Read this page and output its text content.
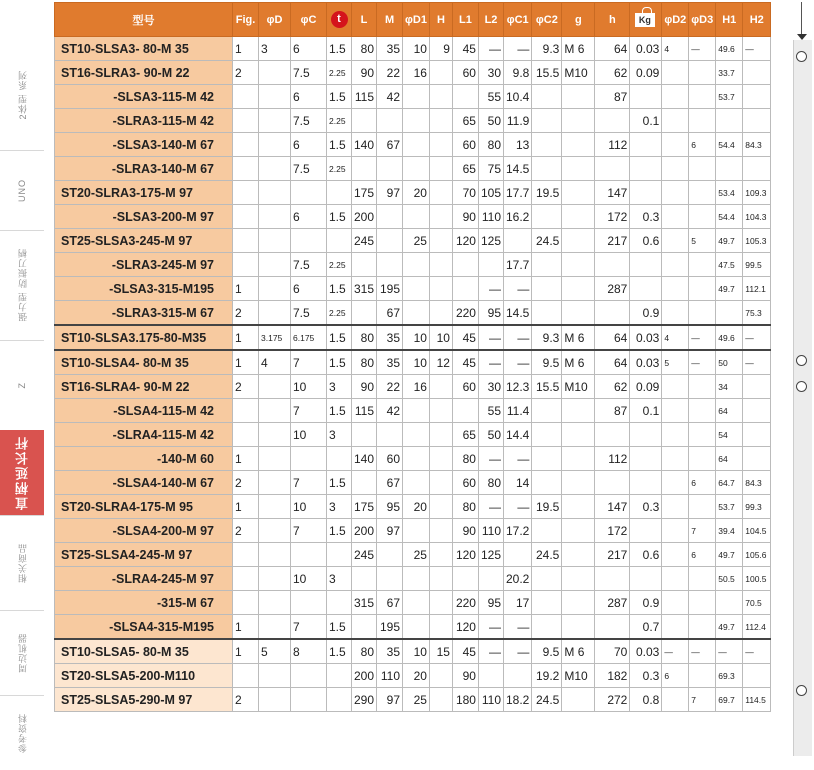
2体型 系列
UNO
强力型 防振刀柄
Z
直柄延长杆
相关商品
周边机器
参考资料
型号	Fig.	φD	φC	t	L	M	φD1	H	L1	L2	φC1	φC2	g	h	Kg	φD2	φD3	H1	H2
ST10-SLSA3- 80-M 35	1	3	6	1.5	80	35	10	9	45	—	—	9.3	M 6	64	0.03	4	—	49.6	—
ST16-SLRA3- 90-M 22	2		7.5	2.25	90	22	16		60	30	9.8	15.5	M10	62	0.09			33.7	
-SLSA3-115-M 42			6	1.5	115	42				55	10.4			87				53.7	
-SLRA3-115-M 42			7.5	2.25					65	50	11.9				0.1				
-SLSA3-140-M 67			6	1.5	140	67			60	80	13			112			6	54.4	84.3
-SLRA3-140-M 67			7.5	2.25					65	75	14.5								
ST20-SLRA3-175-M 97					175	97	20		70	105	17.7	19.5		147				53.4	109.3
-SLSA3-200-M 97			6	1.5	200				90	110	16.2			172	0.3			54.4	104.3
ST25-SLSA3-245-M 97					245		25		120	125		24.5		217	0.6		5	49.7	105.3
-SLRA3-245-M 97			7.5	2.25							17.7							47.5	99.5
-SLSA3-315-M195	1		6	1.5	315	195				—	—			287				49.7	112.1
-SLRA3-315-M 67	2		7.5	2.25		67			220	95	14.5				0.9				75.3
ST10-SLSA3.175-80-M35	1	3.175	6.175	1.5	80	35	10	10	45	—	—	9.3	M 6	64	0.03	4	—	49.6	—
ST10-SLSA4- 80-M 35	1	4	7	1.5	80	35	10	12	45	—	—	9.5	M 6	64	0.03	5	—	50	—
ST16-SLRA4- 90-M 22	2		10	3	90	22	16		60	30	12.3	15.5	M10	62	0.09			34	
-SLSA4-115-M 42			7	1.5	115	42				55	11.4			87	0.1			64	
-SLRA4-115-M 42			10	3					65	50	14.4							54	
-140-M 60	1				140	60			80	—	—			112				64	
-SLSA4-140-M 67	2		7	1.5		67			60	80	14						6	64.7	84.3
ST20-SLRA4-175-M 95	1		10	3	175	95	20		80	—	—	19.5		147	0.3			53.7	99.3
-SLSA4-200-M 97	2		7	1.5	200	97			90	110	17.2			172			7	39.4	104.5
ST25-SLSA4-245-M 97					245		25		120	125		24.5		217	0.6		6	49.7	105.6
-SLRA4-245-M 97			10	3							20.2							50.5	100.5
-315-M 67					315	67			220	95	17			287	0.9				70.5
-SLSA4-315-M195	1		7	1.5		195			120	—	—				0.7			49.7	112.4
ST10-SLSA5- 80-M 35	1	5	8	1.5	80	35	10	15	45	—	—	9.5	M 6	70	0.03	—	—	—	—
ST20-SLSA5-200-M110					200	110	20		90			19.2	M10	182	0.3	6		69.3	
ST25-SLSA5-290-M 97	2				290	97	25		180	110	18.2	24.5		272	0.8		7	69.7	114.5
